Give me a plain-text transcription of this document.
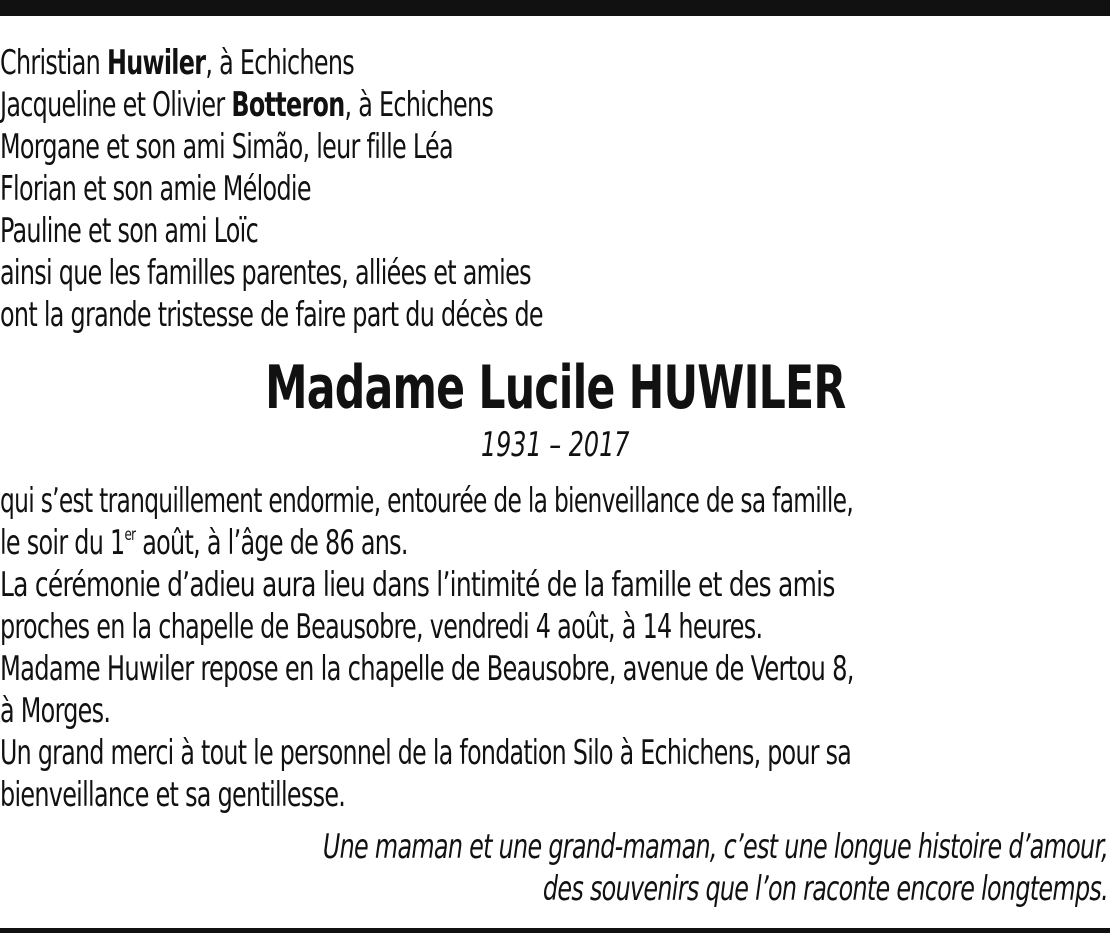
Christian Huwiler, à Echichens
Jacqueline et Olivier Botteron, à Echichens
Morgane et son ami Simão, leur fille Léa
Florian et son amie Mélodie
Pauline et son ami Loïc
ainsi que les familles parentes, alliées et amies
ont la grande tristesse de faire part du décès de
Madame Lucile HUWILER
1931 – 2017
qui s’est tranquillement endormie, entourée de la bienveillance de sa famille,
le soir du 1er août, à l’âge de 86 ans.
La cérémonie d’adieu aura lieu dans l’intimité de la famille et des amis
proches en la chapelle de Beausobre, vendredi 4 août, à 14 heures.
Madame Huwiler repose en la chapelle de Beausobre, avenue de Vertou 8,
à Morges.
Un grand merci à tout le personnel de la fondation Silo à Echichens, pour sa
bienveillance et sa gentillesse.
Une maman et une grand-maman, c’est une longue histoire d’amour,
des souvenirs que l’on raconte encore longtemps.
